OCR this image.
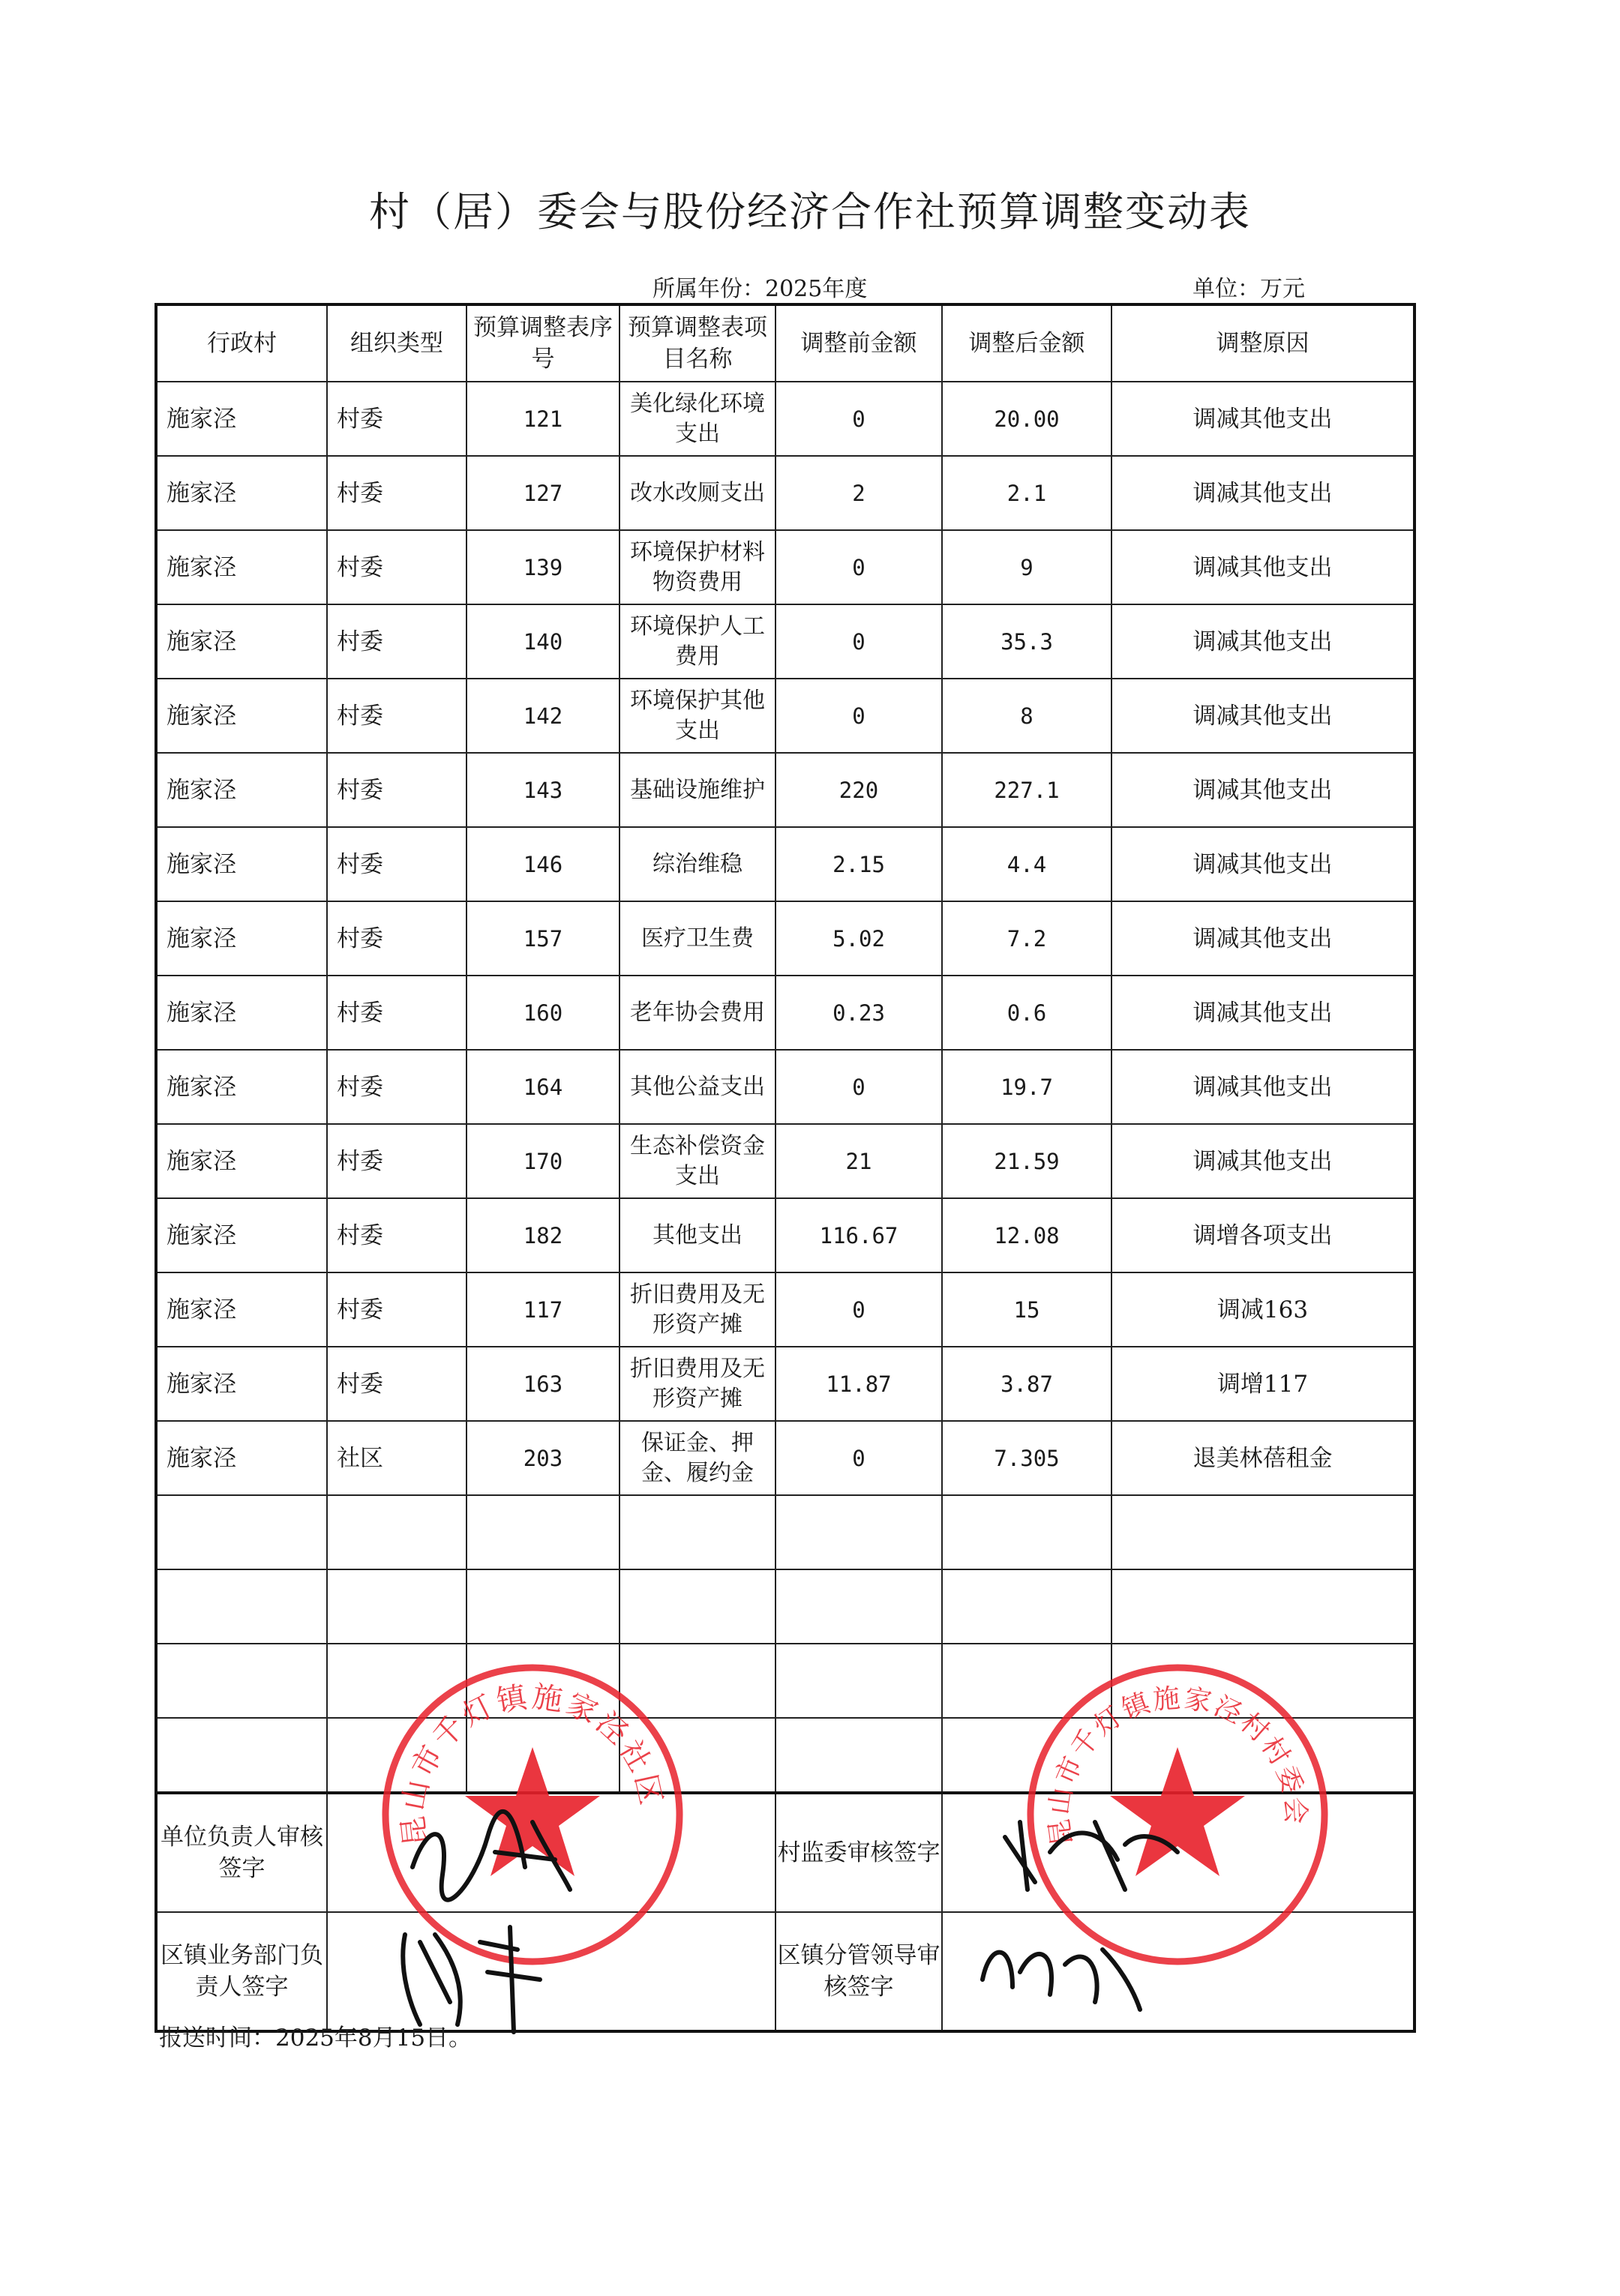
村（居）委会与股份经济合作社预算调整变动表
所属年份：2025年度	单位：万元
行政村	组织类型	预算调整表序号	预算调整表项目名称	调整前金额	调整后金额	调整原因
施家泾	村委	121	美化绿化环境支出	0	20.00	调减其他支出
施家泾	村委	127	改水改厕支出	2	2.1	调减其他支出
施家泾	村委	139	环境保护材料物资费用	0	9	调减其他支出
施家泾	村委	140	环境保护人工费用	0	35.3	调减其他支出
施家泾	村委	142	环境保护其他支出	0	8	调减其他支出
施家泾	村委	143	基础设施维护	220	227.1	调减其他支出
施家泾	村委	146	综治维稳	2.15	4.4	调减其他支出
施家泾	村委	157	医疗卫生费	5.02	7.2	调减其他支出
施家泾	村委	160	老年协会费用	0.23	0.6	调减其他支出
施家泾	村委	164	其他公益支出	0	19.7	调减其他支出
施家泾	村委	170	生态补偿资金支出	21	21.59	调减其他支出
施家泾	村委	182	其他支出	116.67	12.08	调增各项支出
施家泾	村委	117	折旧费用及无形资产摊	0	15	调减163
施家泾	村委	163	折旧费用及无形资产摊	11.87	3.87	调增117
施家泾	社区	203	保证金、押金、履约金	0	7.305	退美林蓓租金

单位负责人审核签字				村监委审核签字		
区镇业务部门负责人签字				区镇分管领导审核签字		
昆山市千灯镇施家泾社区
昆山市千灯镇施家泾村村委会
报送时间：2025年8月15日。
